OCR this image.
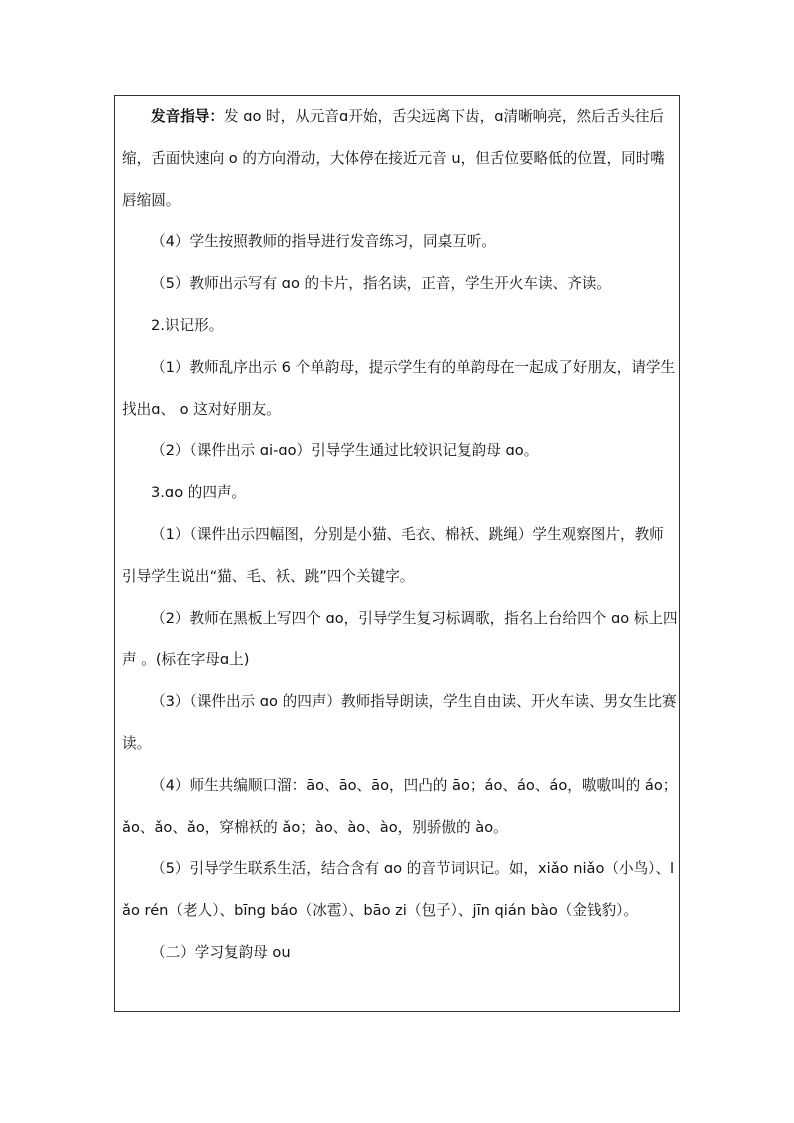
发音指导：发 ɑo 时，从元音ɑ开始，舌尖远离下齿，ɑ清晰响亮，然后舌头往后缩，舌面快速向 o 的方向滑动，大体停在接近元音 u，但舌位要略低的位置，同时嘴唇缩圆。

（4）学生按照教师的指导进行发音练习，同桌互听。

（5）教师出示写有 ɑo 的卡片，指名读，正音，学生开火车读、齐读。

2.识记形。

（1）教师乱序出示 6 个单韵母，提示学生有的单韵母在一起成了好朋友，请学生找出ɑ、 o 这对好朋友。

（2）（课件出示 ɑi-ɑo）引导学生通过比较识记复韵母 ɑo。

3.ɑo 的四声。

（1）（课件出示四幅图，分别是小猫、毛衣、棉袄、跳绳）学生观察图片，教师引导学生说出“猫、毛、袄、跳”四个关键字。

（2）教师在黑板上写四个 ɑo，引导学生复习标调歌，指名上台给四个 ɑo 标上四声 。(标在字母ɑ上)

（3）（课件出示 ɑo 的四声）教师指导朗读，学生自由读、开火车读、男女生比赛读。

（4）师生共编顺口溜：āo、āo、āo，凹凸的 āo；áo、áo、áo，嗷嗷叫的 áo；ǎo、ǎo、ǎo，穿棉袄的 ǎo；ào、ào、ào，别骄傲的 ào。

（5）引导学生联系生活，结合含有 ɑo 的音节词识记。如，xiǎo niǎo（小鸟）、lǎo rén（老人）、bīng báo（冰雹）、bāo zi（包子）、jīn qián bào（金钱豹）。

（二）学习复韵母 ou
